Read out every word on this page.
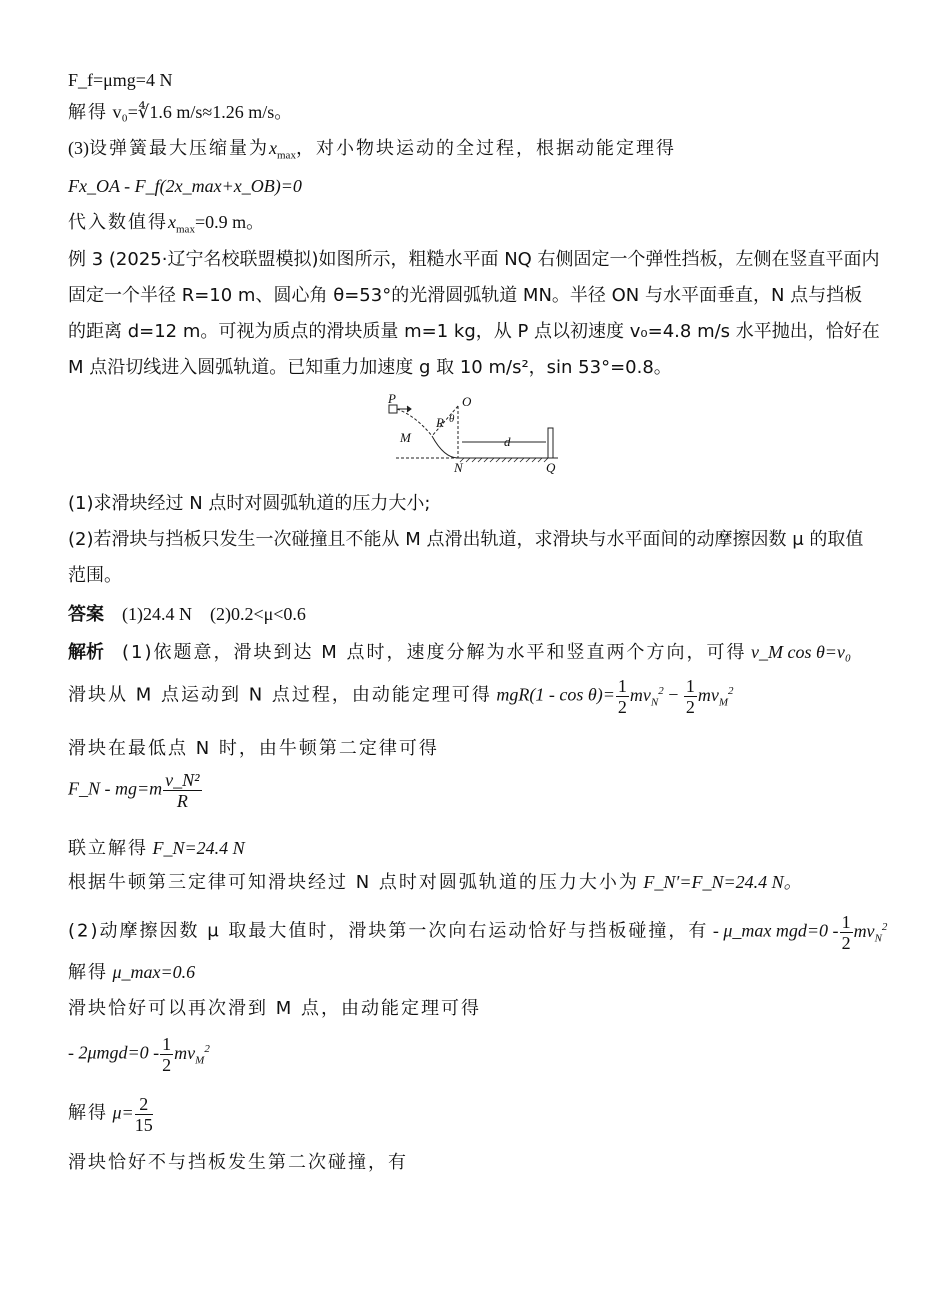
F_f=μmg=4 N
解得 v₀=∜1.6 m/s≈1.26 m/s。
(3)设弹簧最大压缩量为$x_{max}$，对小物块运动的全过程，根据动能定理得
Fx_OA - F_f(2x_max+x_OB)=0
代入数值得$x_{max}=0.9$ m。
例 3 (2025·辽宁名校联盟模拟)如图所示，粗糙水平面 NQ 右侧固定一个弹性挡板，左侧在竖直平面内固定一个半径 R=10 m、圆心角 θ=53°的光滑圆弧轨道 MN。半径 ON 与水平面垂直，N 点与挡板的距离 d=12 m。可视为质点的滑块质量 m=1 kg，从 P 点以初速度 v₀=4.8 m/s 水平抛出，恰好在 M 点沿切线进入圆弧轨道。已知重力加速度 g 取 10 m/s²，sin 53°=0.8。
P	O
θ
R
M	d
N	Q
(1)求滑块经过 N 点时对圆弧轨道的压力大小;
(2)若滑块与挡板只发生一次碰撞且不能从 M 点滑出轨道，求滑块与水平面间的动摩擦因数 μ 的取值范围。
答案 (1)24.4 N　(2)0.2<μ<0.6
解析 (1)依题意，滑块到达 M 点时，速度分解为水平和竖直两个方向，可得 v_M cos θ=v₀
滑块从 M 点运动到 N 点过程，由动能定理可得 $mgR(1 - \cos \theta)= \frac{1}{2} mv_N^2 - \frac{1}{2} mv_M^2$
滑块在最低点 N 时，由牛顿第二定律可得
F_N - $mg=m \frac{\text{v\_N²}}{R}$
联立解得 F_N=24.4 N
根据牛顿第三定律可知滑块经过 N 点时对圆弧轨道的压力大小为 F_N′=F_N=24.4 N。
(2)动摩擦因数 μ 取最大值时，滑块第一次向右运动恰好与挡板碰撞，有 - μ_max $mgd=0 - \frac{1}{2} mv_N^2$
解得 μ_max=0.6
滑块恰好可以再次滑到 M 点，由动能定理可得
- $2\mu mgd=0 - \frac{1}{2} mv_M^2$
解得 $\mu= \frac{2}{15}$
滑块恰好不与挡板发生第二次碰撞，有
